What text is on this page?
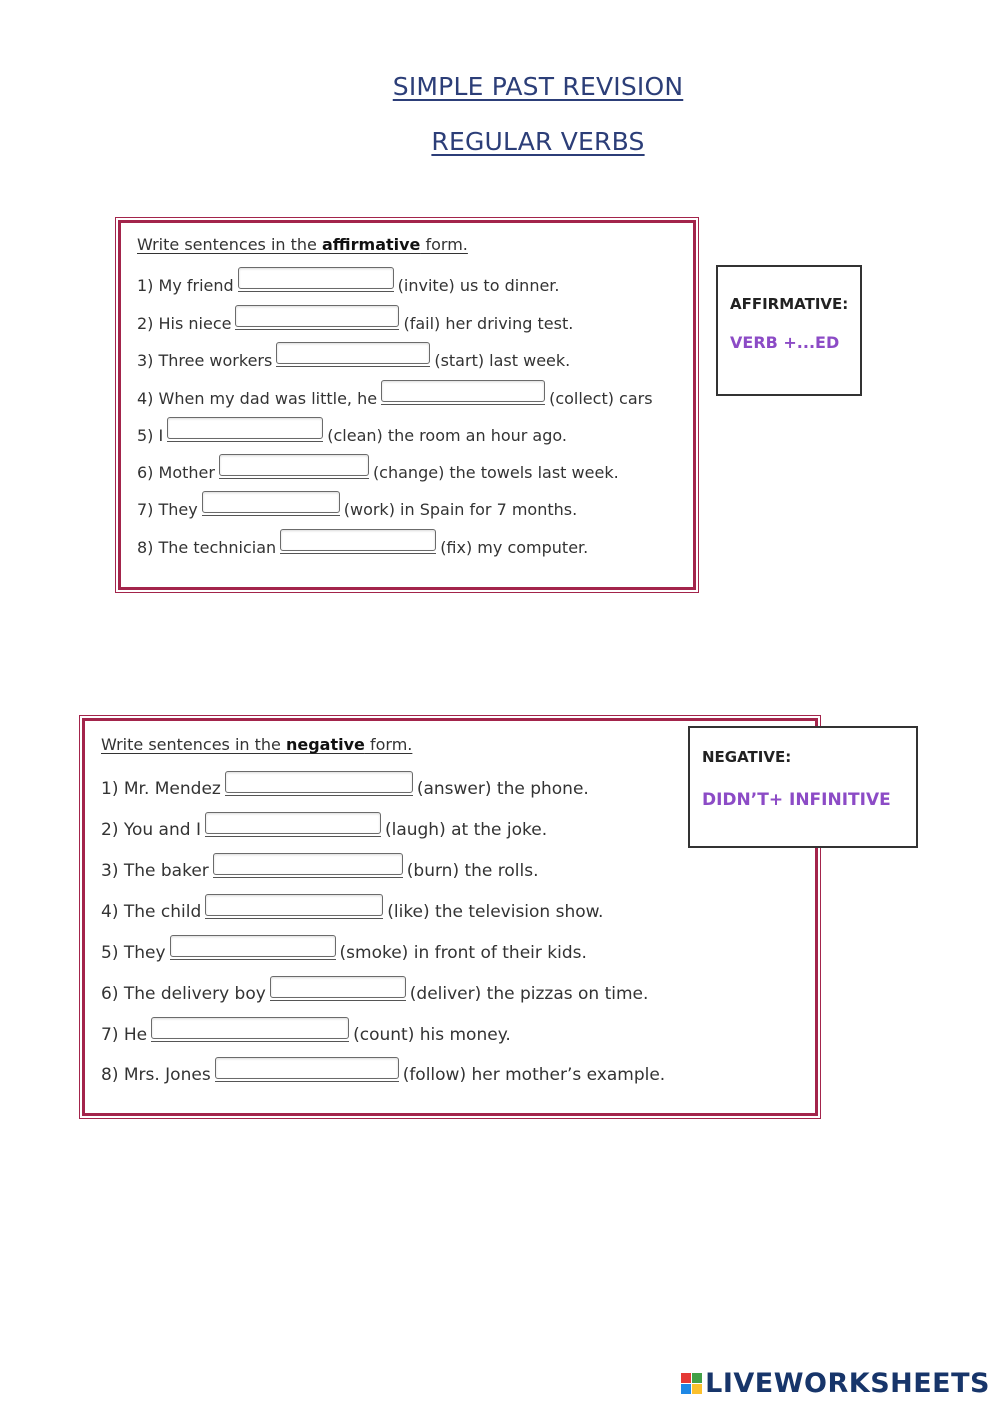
SIMPLE PAST REVISION
REGULAR VERBS
Write sentences in the affirmative form.
1) My friend	(invite) us to dinner.
2) His niece	(fail) her driving test.
3) Three workers	(start) last week.
4) When my dad was little, he	(collect) cars
5) I	(clean) the room an hour ago.
6) Mother	(change) the towels last week.
7) They	(work) in Spain for 7 months.
8) The technician	(fix) my computer.
AFFIRMATIVE:
VERB +...ED
Write sentences in the negative form.
1) Mr. Mendez	(answer) the phone.
2) You and I	(laugh) at the joke.
3) The baker	(burn) the rolls.
4) The child	(like) the television show.
5) They	(smoke) in front of their kids.
6) The delivery boy	(deliver) the pizzas on time.
7) He	(count) his money.
8) Mrs. Jones	(follow) her mother’s example.
NEGATIVE:
DIDN’T+ INFINITIVE
LIVEWORKSHEETS
